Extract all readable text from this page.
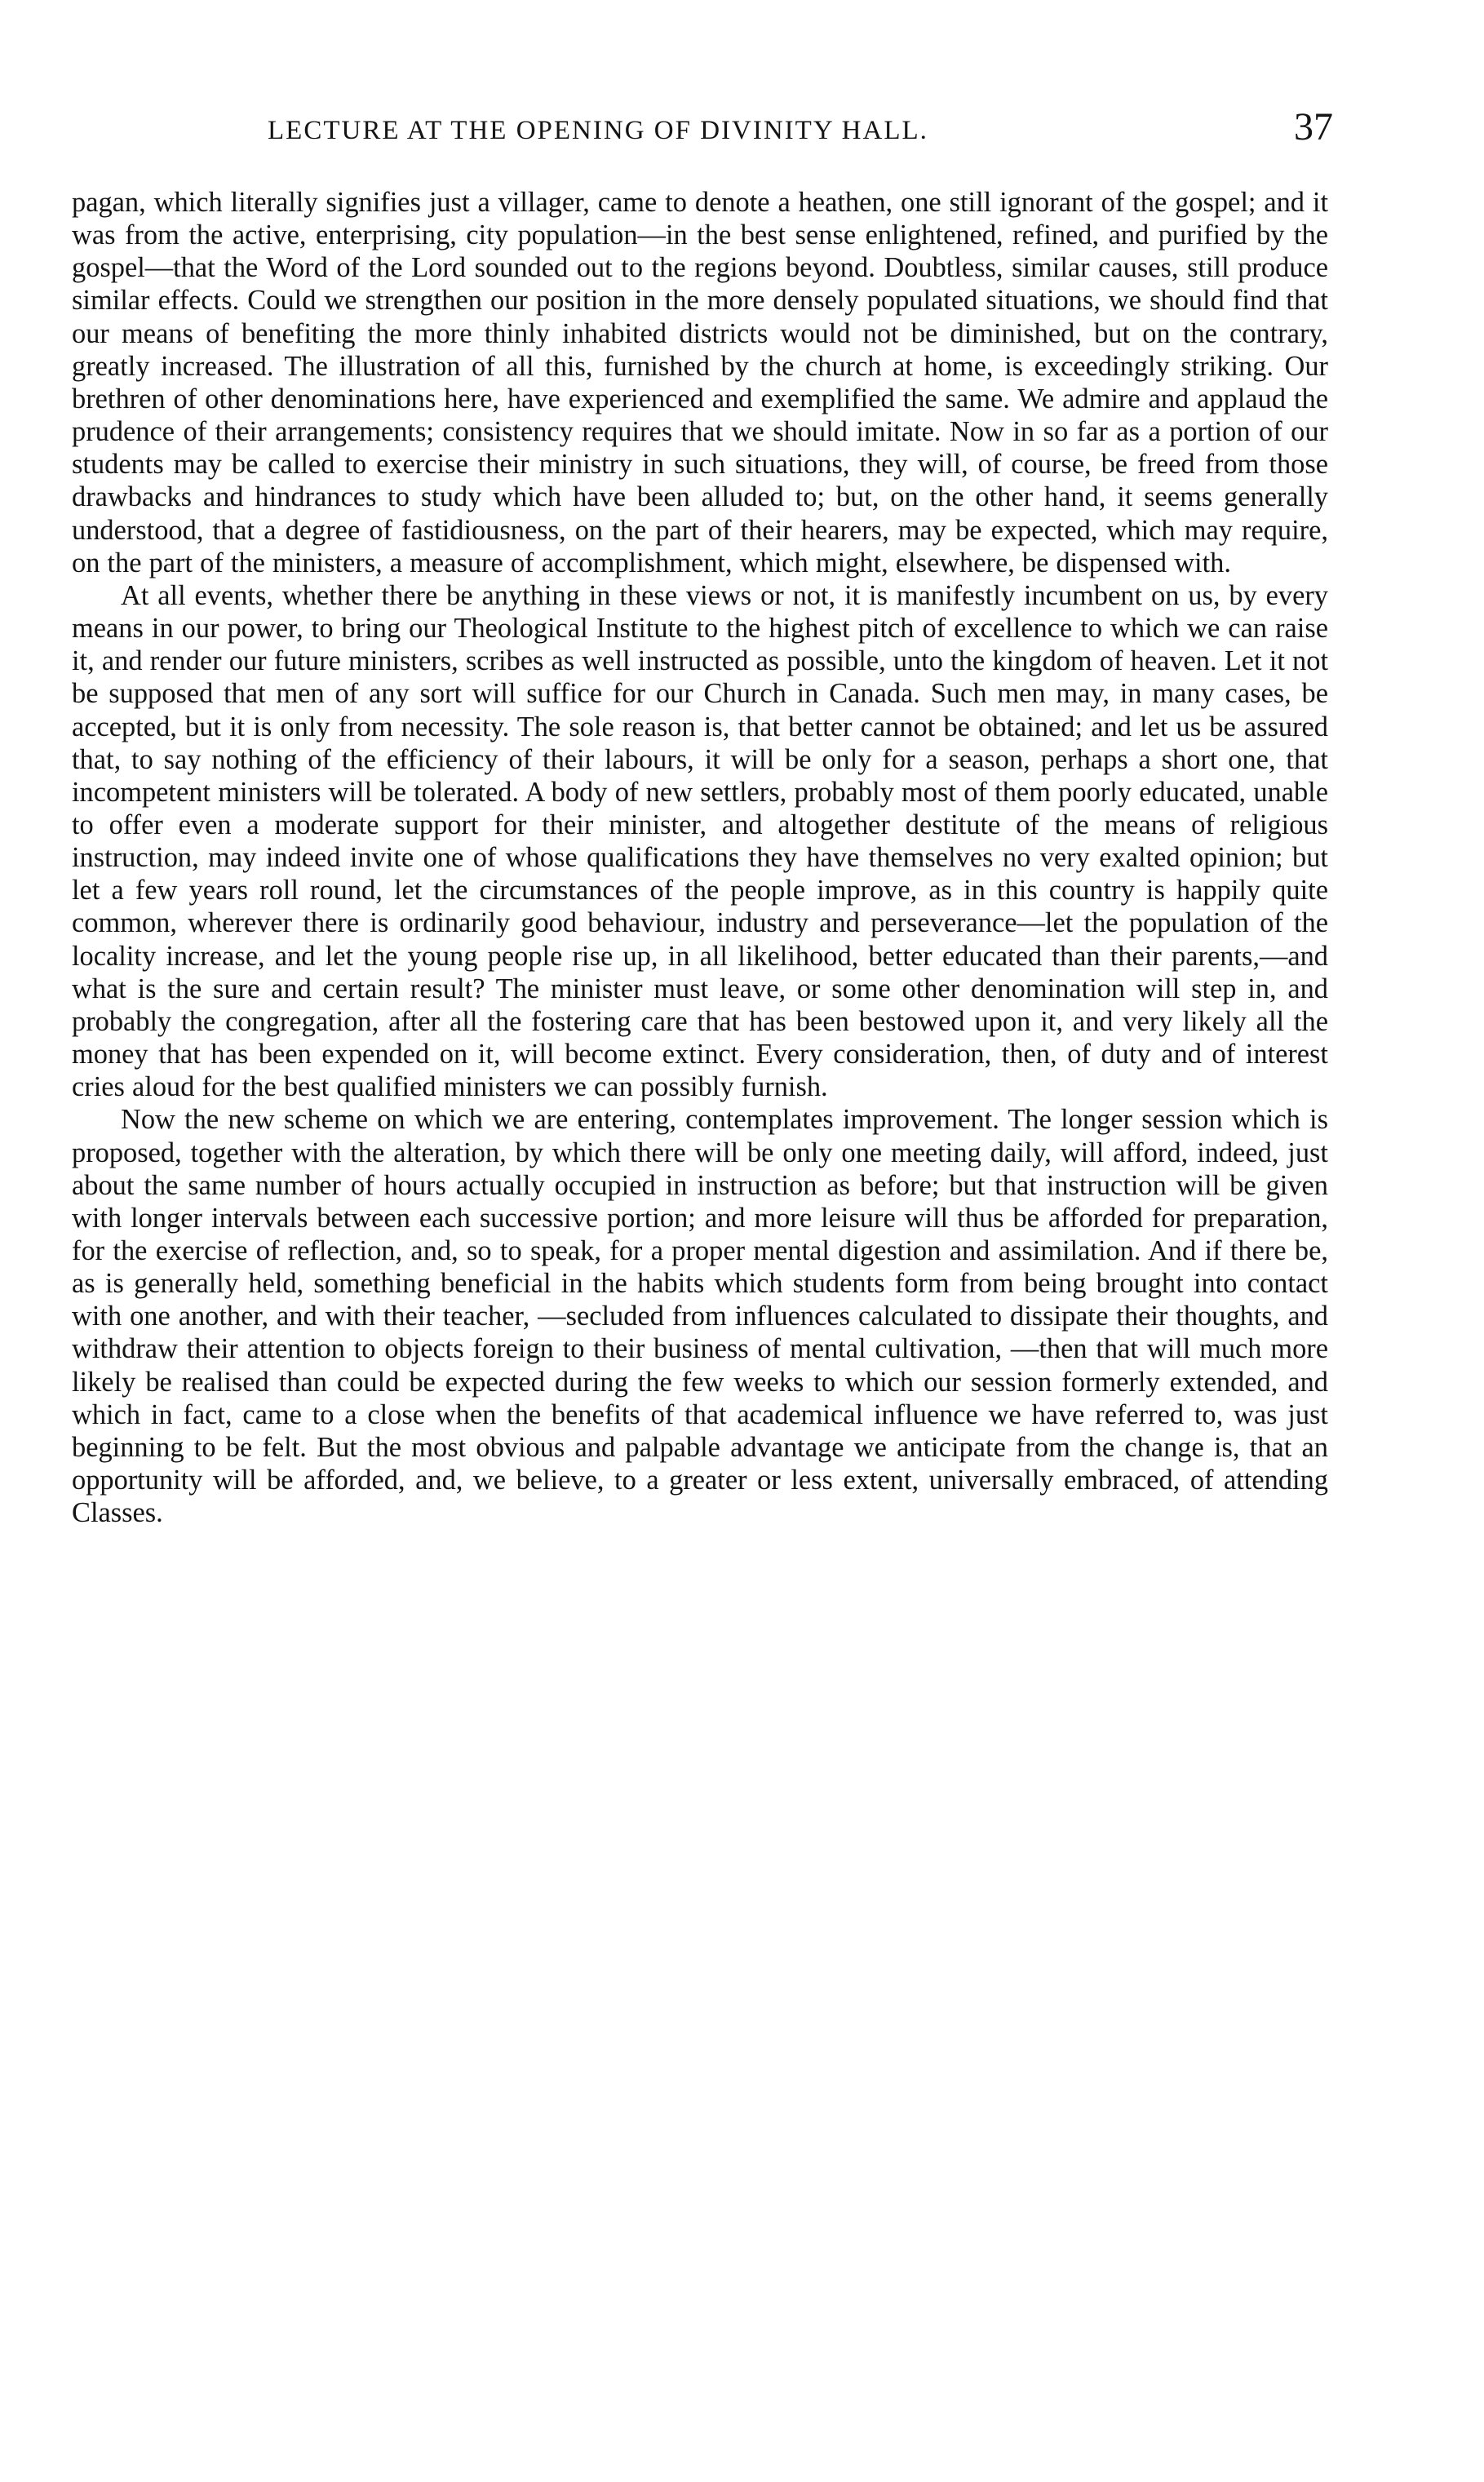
LECTURE AT THE OPENING OF DIVINITY HALL.	37

pagan, which literally signifies just a villager, came to denote a heathen, one still ignorant of the gospel; and it was from the active, enterprising, city population—in the best sense enlightened, refined, and purified by the gospel—that the Word of the Lord sounded out to the regions beyond. Doubtless, similar causes, still produce similar effects. Could we strengthen our position in the more densely populated situations, we should find that our means of benefiting the more thinly inhabited districts would not be diminished, but on the contrary, greatly increased. The illustration of all this, furnished by the church at home, is exceedingly striking. Our brethren of other denominations here, have experienced and exemplified the same. We admire and applaud the prudence of their arrangements; consistency requires that we should imitate. Now in so far as a portion of our students may be called to exercise their ministry in such situations, they will, of course, be freed from those drawbacks and hindrances to study which have been alluded to; but, on the other hand, it seems generally understood, that a degree of fastidiousness, on the part of their hearers, may be expected, which may require, on the part of the ministers, a measure of accomplishment, which might, elsewhere, be dispensed with.

At all events, whether there be anything in these views or not, it is manifestly incumbent on us, by every means in our power, to bring our Theological Institute to the highest pitch of excellence to which we can raise it, and render our future ministers, scribes as well instructed as possible, unto the kingdom of heaven. Let it not be supposed that men of any sort will suffice for our Church in Canada. Such men may, in many cases, be accepted, but it is only from necessity. The sole reason is, that better cannot be obtained; and let us be assured that, to say nothing of the efficiency of their labours, it will be only for a season, perhaps a short one, that incompetent ministers will be tolerated. A body of new settlers, probably most of them poorly educated, unable to offer even a moderate support for their minister, and altogether destitute of the means of religious instruction, may indeed invite one of whose qualifications they have themselves no very exalted opinion; but let a few years roll round, let the circumstances of the people improve, as in this country is happily quite common, wherever there is ordinarily good behaviour, industry and perseverance—let the population of the locality increase, and let the young people rise up, in all likelihood, better educated than their parents,—and what is the sure and certain result? The minister must leave, or some other denomination will step in, and probably the congregation, after all the fostering care that has been bestowed upon it, and very likely all the money that has been expended on it, will become extinct. Every consideration, then, of duty and of interest cries aloud for the best qualified ministers we can possibly furnish.

Now the new scheme on which we are entering, contemplates improvement. The longer session which is proposed, together with the alteration, by which there will be only one meeting daily, will afford, indeed, just about the same number of hours actually occupied in instruction as before; but that instruction will be given with longer intervals between each successive portion; and more leisure will thus be afforded for preparation, for the exercise of reflection, and, so to speak, for a proper mental digestion and assimilation. And if there be, as is generally held, something beneficial in the habits which students form from being brought into contact with one another, and with their teacher, —secluded from influences calculated to dissipate their thoughts, and withdraw their attention to objects foreign to their business of mental cultivation, —then that will much more likely be realised than could be expected during the few weeks to which our session formerly extended, and which in fact, came to a close when the benefits of that academical influence we have referred to, was just beginning to be felt. But the most obvious and palpable advantage we anticipate from the change is, that an opportunity will be afforded, and, we believe, to a greater or less extent, universally embraced, of attending Classes.
